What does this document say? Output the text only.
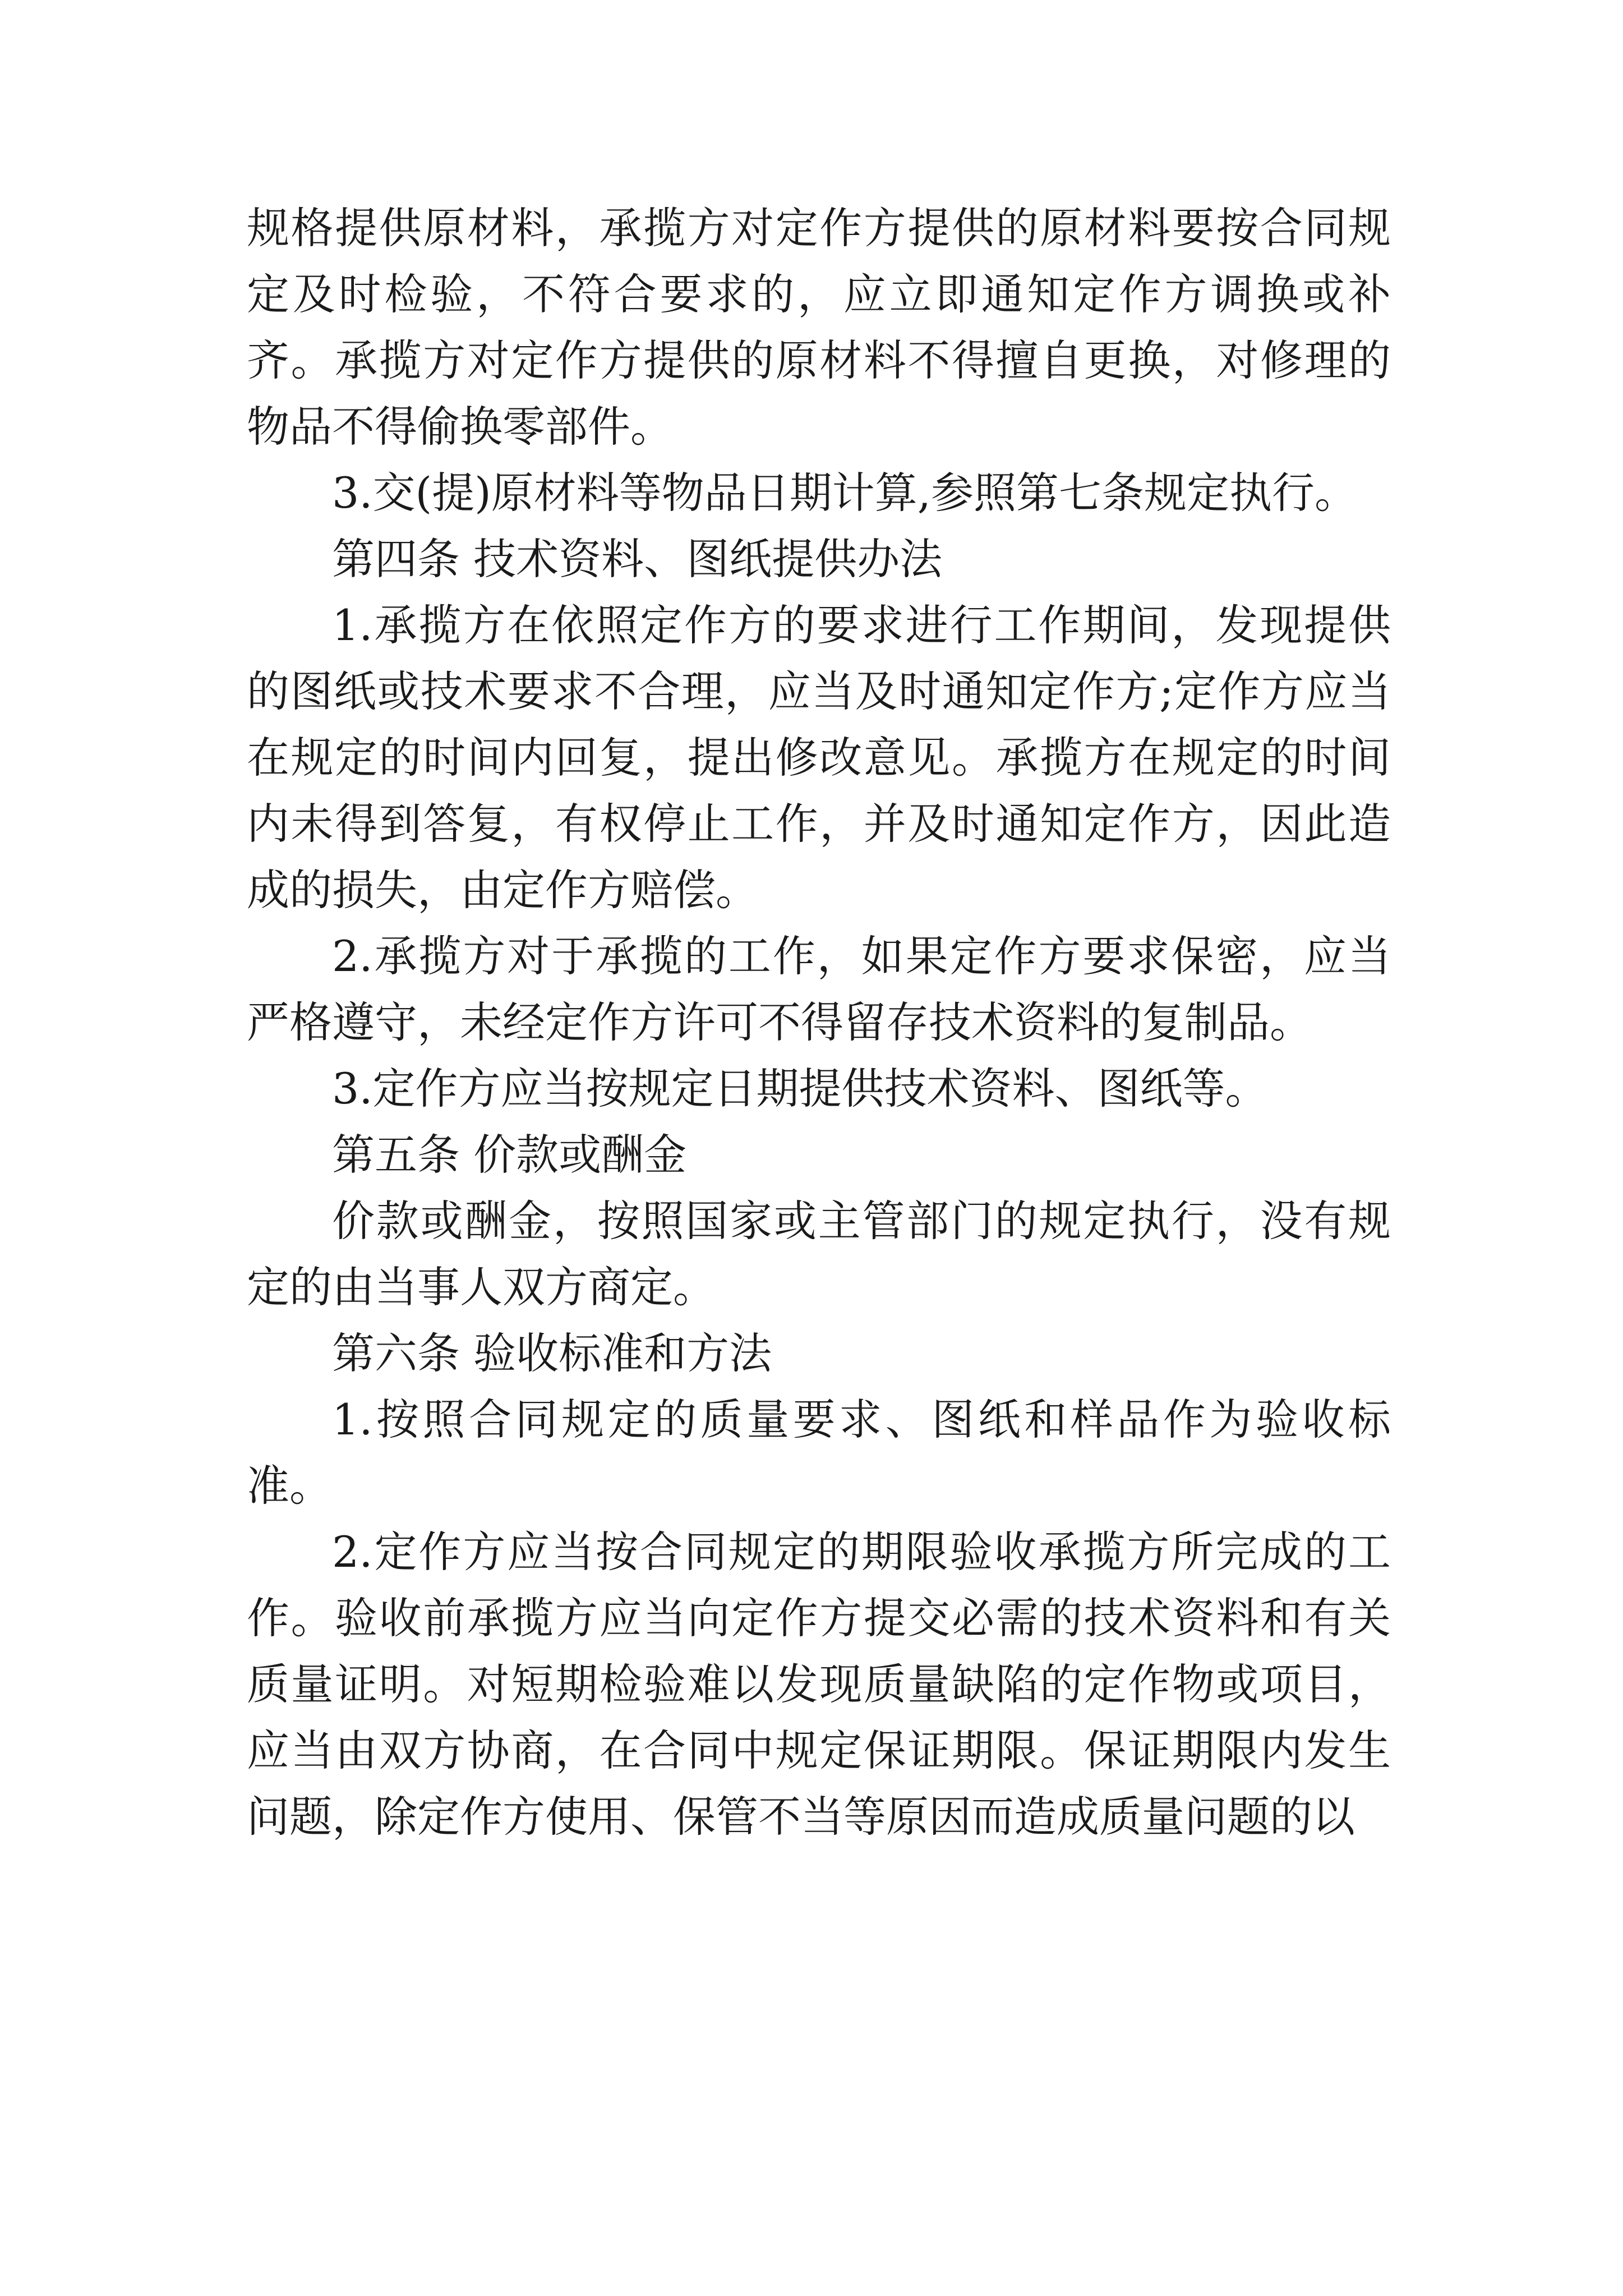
规格提供原材料，承揽方对定作方提供的原材料要按合同规定及时检验，不符合要求的，应立即通知定作方调换或补齐。承揽方对定作方提供的原材料不得擅自更换，对修理的物品不得偷换零部件。

3.交(提)原材料等物品日期计算,参照第七条规定执行。

第四条 技术资料、图纸提供办法

1.承揽方在依照定作方的要求进行工作期间，发现提供的图纸或技术要求不合理，应当及时通知定作方;定作方应当在规定的时间内回复，提出修改意见。承揽方在规定的时间内未得到答复，有权停止工作，并及时通知定作方，因此造成的损失，由定作方赔偿。

2.承揽方对于承揽的工作，如果定作方要求保密，应当严格遵守，未经定作方许可不得留存技术资料的复制品。

3.定作方应当按规定日期提供技术资料、图纸等。

第五条 价款或酬金

价款或酬金，按照国家或主管部门的规定执行，没有规定的由当事人双方商定。

第六条 验收标准和方法

1.按照合同规定的质量要求、图纸和样品作为验收标准。

2.定作方应当按合同规定的期限验收承揽方所完成的工作。验收前承揽方应当向定作方提交必需的技术资料和有关质量证明。对短期检验难以发现质量缺陷的定作物或项目，应当由双方协商，在合同中规定保证期限。保证期限内发生问题，除定作方使用、保管不当等原因而造成质量问题的以
